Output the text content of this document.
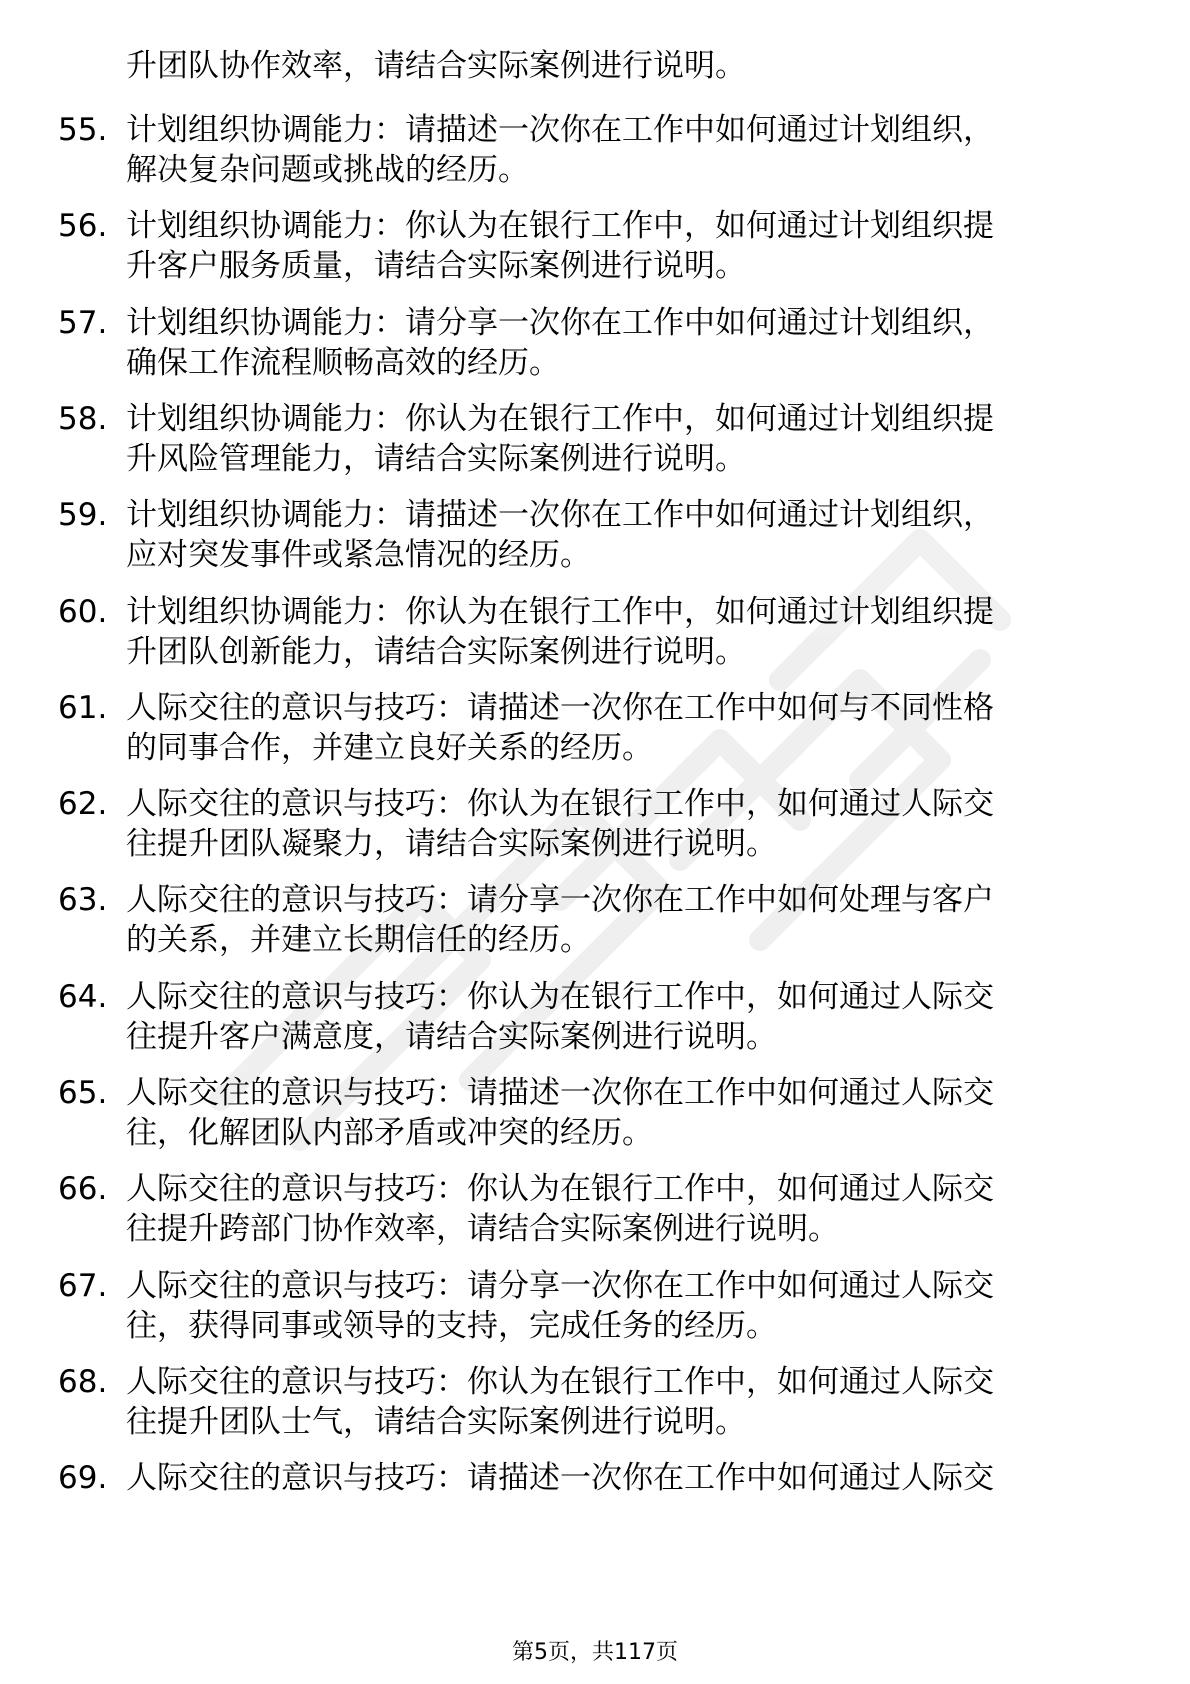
升团队协作效率，请结合实际案例进行说明。
55. 计划组织协调能力：请描述一次你在工作中如何通过计划组织，
解决复杂问题或挑战的经历。
56. 计划组织协调能力：你认为在银行工作中，如何通过计划组织提
升客户服务质量，请结合实际案例进行说明。
57. 计划组织协调能力：请分享一次你在工作中如何通过计划组织，
确保工作流程顺畅高效的经历。
58. 计划组织协调能力：你认为在银行工作中，如何通过计划组织提
升风险管理能力，请结合实际案例进行说明。
59. 计划组织协调能力：请描述一次你在工作中如何通过计划组织，
应对突发事件或紧急情况的经历。
60. 计划组织协调能力：你认为在银行工作中，如何通过计划组织提
升团队创新能力，请结合实际案例进行说明。
61. 人际交往的意识与技巧：请描述一次你在工作中如何与不同性格
的同事合作，并建立良好关系的经历。
62. 人际交往的意识与技巧：你认为在银行工作中，如何通过人际交
往提升团队凝聚力，请结合实际案例进行说明。
63. 人际交往的意识与技巧：请分享一次你在工作中如何处理与客户
的关系，并建立长期信任的经历。
64. 人际交往的意识与技巧：你认为在银行工作中，如何通过人际交
往提升客户满意度，请结合实际案例进行说明。
65. 人际交往的意识与技巧：请描述一次你在工作中如何通过人际交
往，化解团队内部矛盾或冲突的经历。
66. 人际交往的意识与技巧：你认为在银行工作中，如何通过人际交
往提升跨部门协作效率，请结合实际案例进行说明。
67. 人际交往的意识与技巧：请分享一次你在工作中如何通过人际交
往，获得同事或领导的支持，完成任务的经历。
68. 人际交往的意识与技巧：你认为在银行工作中，如何通过人际交
往提升团队士气，请结合实际案例进行说明。
69. 人际交往的意识与技巧：请描述一次你在工作中如何通过人际交
第5页，共117页
